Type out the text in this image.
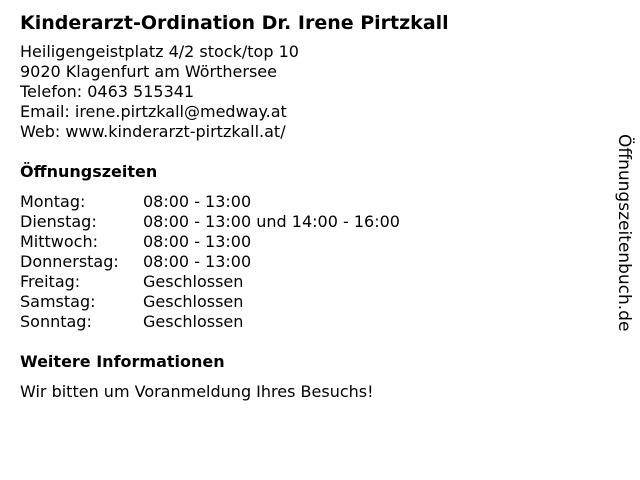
Kinderarzt-Ordination Dr. Irene Pirtzkall
Heiligengeistplatz 4/2 stock/top 10
9020 Klagenfurt am Wörthersee
Telefon: 0463 515341
Email: irene.pirtzkall@medway.at
Web: www.kinderarzt-pirtzkall.at/
Öffnungszeiten
Montag:	08:00 - 13:00
Dienstag:	08:00 - 13:00 und 14:00 - 16:00
Mittwoch:	08:00 - 13:00
Donnerstag:	08:00 - 13:00
Freitag:	Geschlossen
Samstag:	Geschlossen
Sonntag:	Geschlossen
Weitere Informationen
Wir bitten um Voranmeldung Ihres Besuchs!
Öffnungszeitenbuch.de
